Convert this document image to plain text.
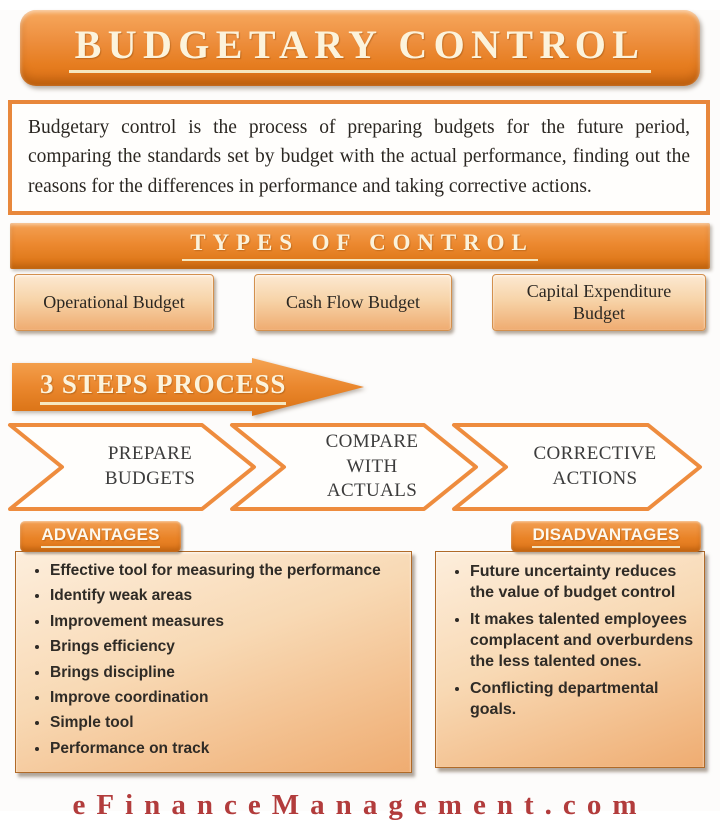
BUDGETARY CONTROL

Budgetary control is the process of preparing budgets for the future period, comparing the standards set by budget with the actual performance, finding out the reasons for the differences in performance and taking corrective actions.

TYPES OF CONTROL
Operational Budget	Cash Flow Budget
Capital Expenditure Budget
3 STEPS PROCESS
PREPARE BUDGETS
COMPARE WITH ACTUALS
CORRECTIVE ACTIONS
ADVANTAGES
• Effective tool for measuring the performance
• Identify weak areas
• Improvement measures
• Brings efficiency
• Brings discipline
• Improve coordination
• Simple tool
• Performance on track
DISADVANTAGES
• Future uncertainty reduces the value of budget control
• It makes talented employees complacent and overburdens the less talented ones.
• Conflicting departmental goals.
eFinanceManagement.com
